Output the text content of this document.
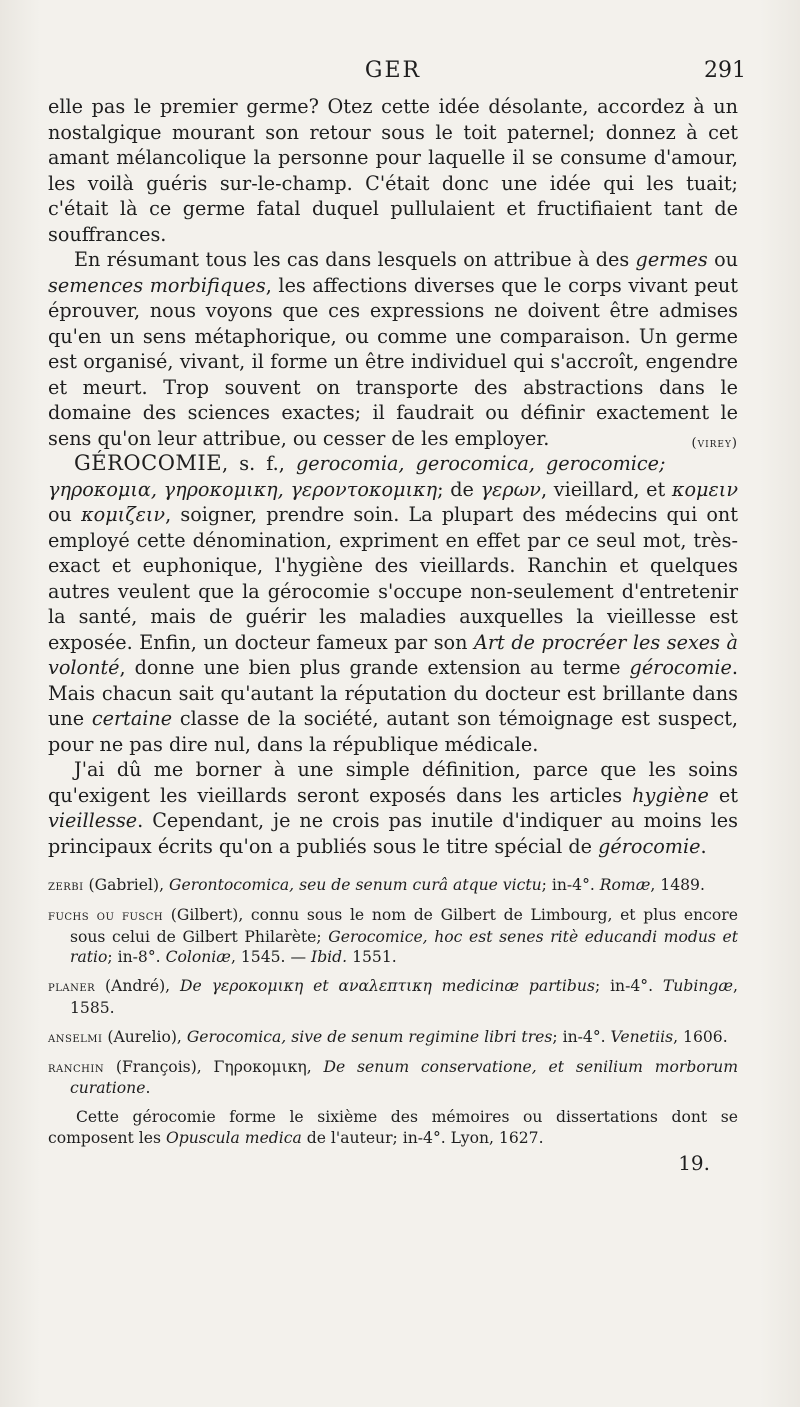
GER	291

elle pas le premier germe? Otez cette idée désolante, accordez à un nostalgique mourant son retour sous le toit paternel; donnez à cet amant mélancolique la personne pour laquelle il se consume d'amour, les voilà guéris sur-le-champ. C'était donc une idée qui les tuait; c'était là ce germe fatal duquel pullulaient et fructifiaient tant de souffrances.

En résumant tous les cas dans lesquels on attribue à des germes ou semences morbifiques, les affections diverses que le corps vivant peut éprouver, nous voyons que ces expressions ne doivent être admises qu'en un sens métaphorique, ou comme une comparaison. Un germe est organisé, vivant, il forme un être individuel qui s'accroît, engendre et meurt. Trop souvent on transporte des abstractions dans le domaine des sciences exactes; il faudrait ou définir exactement le sens qu'on leur attribue, ou cesser de les employer.	(virey)

GÉROCOMIE, s. f., gerocomia, gerocomica, gerocomice; γηροκομια, γηροκομικη, γεροντοκομικη; de γερων, vieillard, et κομειν ou κομιζειν, soigner, prendre soin. La plupart des médecins qui ont employé cette dénomination, expriment en effet par ce seul mot, très-exact et euphonique, l'hygiène des vieillards. Ranchin et quelques autres veulent que la gérocomie s'occupe non-seulement d'entretenir la santé, mais de guérir les maladies auxquelles la vieillesse est exposée. Enfin, un docteur fameux par son Art de procréer les sexes à volonté, donne une bien plus grande extension au terme gérocomie. Mais chacun sait qu'autant la réputation du docteur est brillante dans une certaine classe de la société, autant son témoignage est suspect, pour ne pas dire nul, dans la république médicale.

J'ai dû me borner à une simple définition, parce que les soins qu'exigent les vieillards seront exposés dans les articles hygiène et vieillesse. Cependant, je ne crois pas inutile d'indiquer au moins les principaux écrits qu'on a publiés sous le titre spécial de gérocomie.

zerbi (Gabriel), Gerontocomica, seu de senum curâ atque victu; in-4°. Romæ, 1489.

fuchs ou fusch (Gilbert), connu sous le nom de Gilbert de Limbourg, et plus encore sous celui de Gilbert Philarète; Gerocomice, hoc est senes ritè educandi modus et ratio; in-8°. Coloniæ, 1545. — Ibid. 1551.

planer (André), De γεροκομικη et αναλεπτικη medicinæ partibus; in-4°. Tubingæ, 1585.

anselmi (Aurelio), Gerocomica, sive de senum regimine libri tres; in-4°. Venetiis, 1606.

ranchin (François), Γηροκομικη, De senum conservatione, et senilium morborum curatione.

Cette gérocomie forme le sixième des mémoires ou dissertations dont se composent les Opuscula medica de l'auteur; in-4°. Lyon, 1627.

19.
